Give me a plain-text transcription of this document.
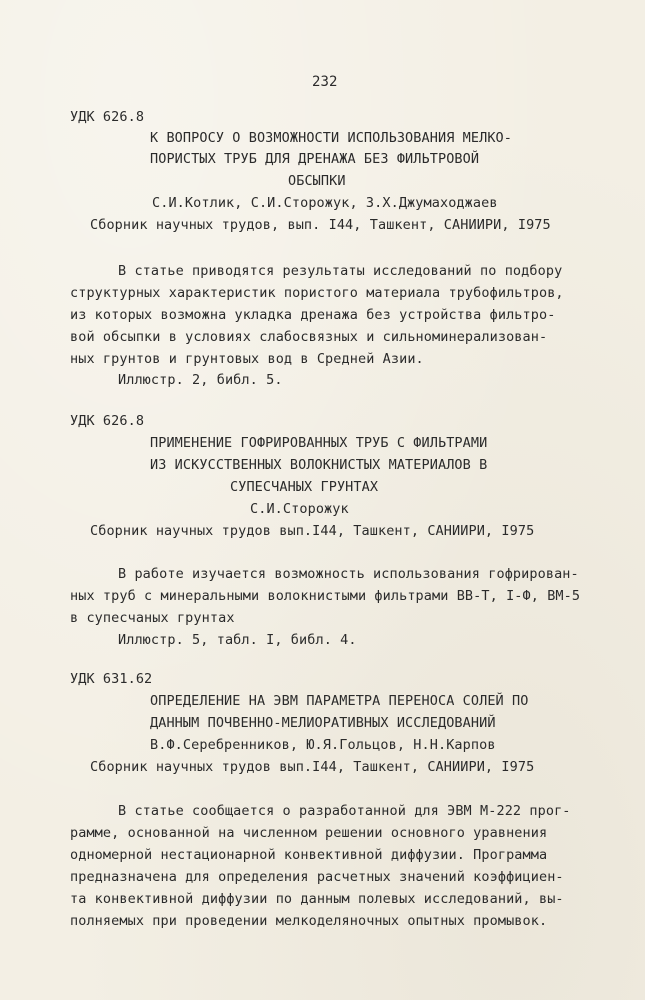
232
УДК 626.8
К ВОПРОСУ О ВОЗМОЖНОСТИ ИСПОЛЬЗОВАНИЯ МЕЛКО-
ПОРИСТЫХ ТРУБ ДЛЯ ДРЕНАЖА БЕЗ ФИЛЬТРОВОЙ
ОБСЫПКИ
С.И.Котлик, С.И.Сторожук, З.Х.Джумаходжаев
Сборник научных трудов, вып. I44, Ташкент, САНИИРИ, I975
В статье приводятся результаты исследований по подбору
структурных характеристик пористого материала трубофильтров,
из которых возможна укладка дренажа без устройства фильтро-
вой обсыпки в условиях слабосвязных и сильноминерализован-
ных грунтов и грунтовых вод в Средней Азии.
Иллюстр. 2, библ. 5.
УДК 626.8
ПРИМЕНЕНИЕ ГОФРИРОВАННЫХ ТРУБ С ФИЛЬТРАМИ
ИЗ ИСКУССТВЕННЫХ ВОЛОКНИСТЫХ МАТЕРИАЛОВ В
СУПЕСЧАНЫХ ГРУНТАХ
С.И.Сторожук
Сборник научных трудов вып.I44, Ташкент, САНИИРИ, I975
В работе изучается возможность использования гофрирован-
ных труб с минеральными волокнистыми фильтрами ВВ-Т, I-Ф, ВМ-5
в супесчаных грунтах
Иллюстр. 5, табл. I, библ. 4.
УДК 631.62
ОПРЕДЕЛЕНИЕ НА ЭВМ ПАРАМЕТРА ПЕРЕНОСА СОЛЕЙ ПО
ДАННЫМ ПОЧВЕННО-МЕЛИОРАТИВНЫХ ИССЛЕДОВАНИЙ
В.Ф.Серебренников, Ю.Я.Гольцов, Н.Н.Карпов
Сборник научных трудов вып.I44, Ташкент, САНИИРИ, I975
В статье сообщается о разработанной для ЭВМ М-222 прог-
рамме, основанной на численном решении основного уравнения
одномерной нестационарной конвективной диффузии. Программа
предназначена для определения расчетных значений коэффициен-
та конвективной диффузии по данным полевых исследований, вы-
полняемых при проведении мелкоделяночных опытных промывок.
